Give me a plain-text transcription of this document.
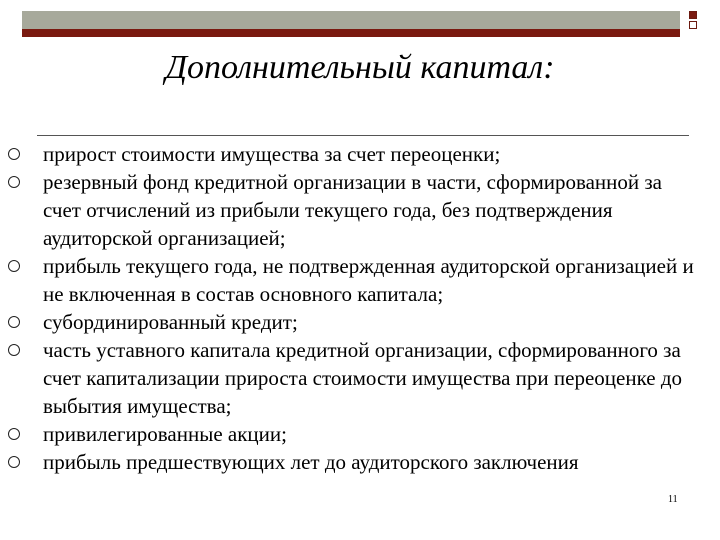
Дополнительный капитал:
прирост стоимости имущества за счет переоценки;
резервный фонд кредитной организации в части, сформированной за счет отчислений из прибыли текущего года, без подтверждения аудиторской организацией;
прибыль текущего года, не подтвержденная аудиторской организацией и не включенная в состав основного капитала;
субординированный кредит;
часть уставного капитала кредитной организации, сформированного за счет капитализации прироста стоимости имущества при переоценке до выбытия имущества;
привилегированные акции;
прибыль предшествующих лет до аудиторского заключения
11
